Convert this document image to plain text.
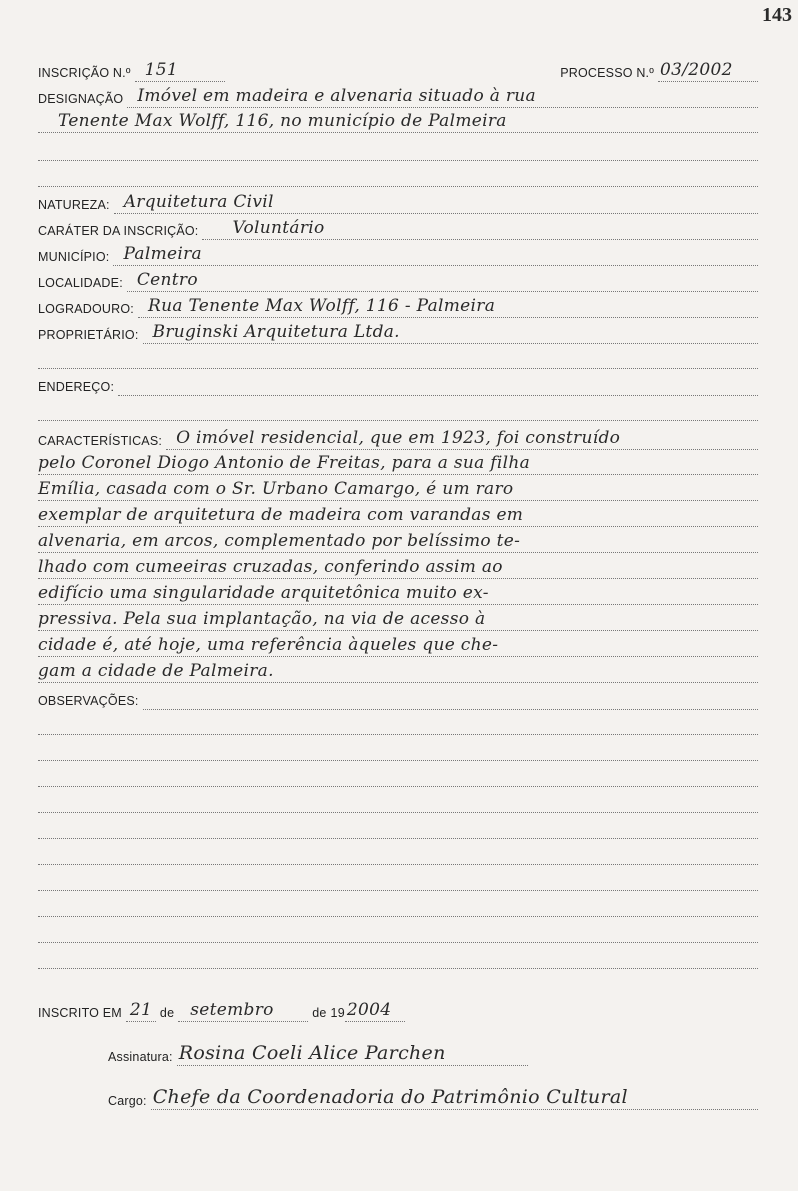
143
INSCRIÇÃO N.º 151	PROCESSO N.º 03/2002
DESIGNAÇÃO Imóvel em madeira e alvenaria situado à rua
Tenente Max Wolff, 116, no município de Palmeira
NATUREZA: Arquitetura Civil
CARÁTER DA INSCRIÇÃO: Voluntário
MUNICÍPIO: Palmeira
LOCALIDADE: Centro
LOGRADOURO: Rua Tenente Max Wolff, 116 - Palmeira
PROPRIETÁRIO: Bruginski Arquitetura Ltda.
ENDEREÇO:
CARACTERÍSTICAS: O imóvel residencial, que em 1923, foi construído
pelo Coronel Diogo Antonio de Freitas, para a sua filha
Emília, casada com o Sr. Urbano Camargo, é um raro
exemplar de arquitetura de madeira com varandas em
alvenaria, em arcos, complementado por belíssimo te-
lhado com cumeeiras cruzadas, conferindo assim ao
edifício uma singularidade arquitetônica muito ex-
pressiva. Pela sua implantação, na via de acesso à
cidade é, até hoje, uma referência àqueles que che-
gam a cidade de Palmeira.
OBSERVAÇÕES:
INSCRITO EM 21 de setembro	de 19 2004
Assinatura: Rosina Coeli Alice Parchen
Cargo: Chefe da Coordenadoria do Patrimônio Cultural
